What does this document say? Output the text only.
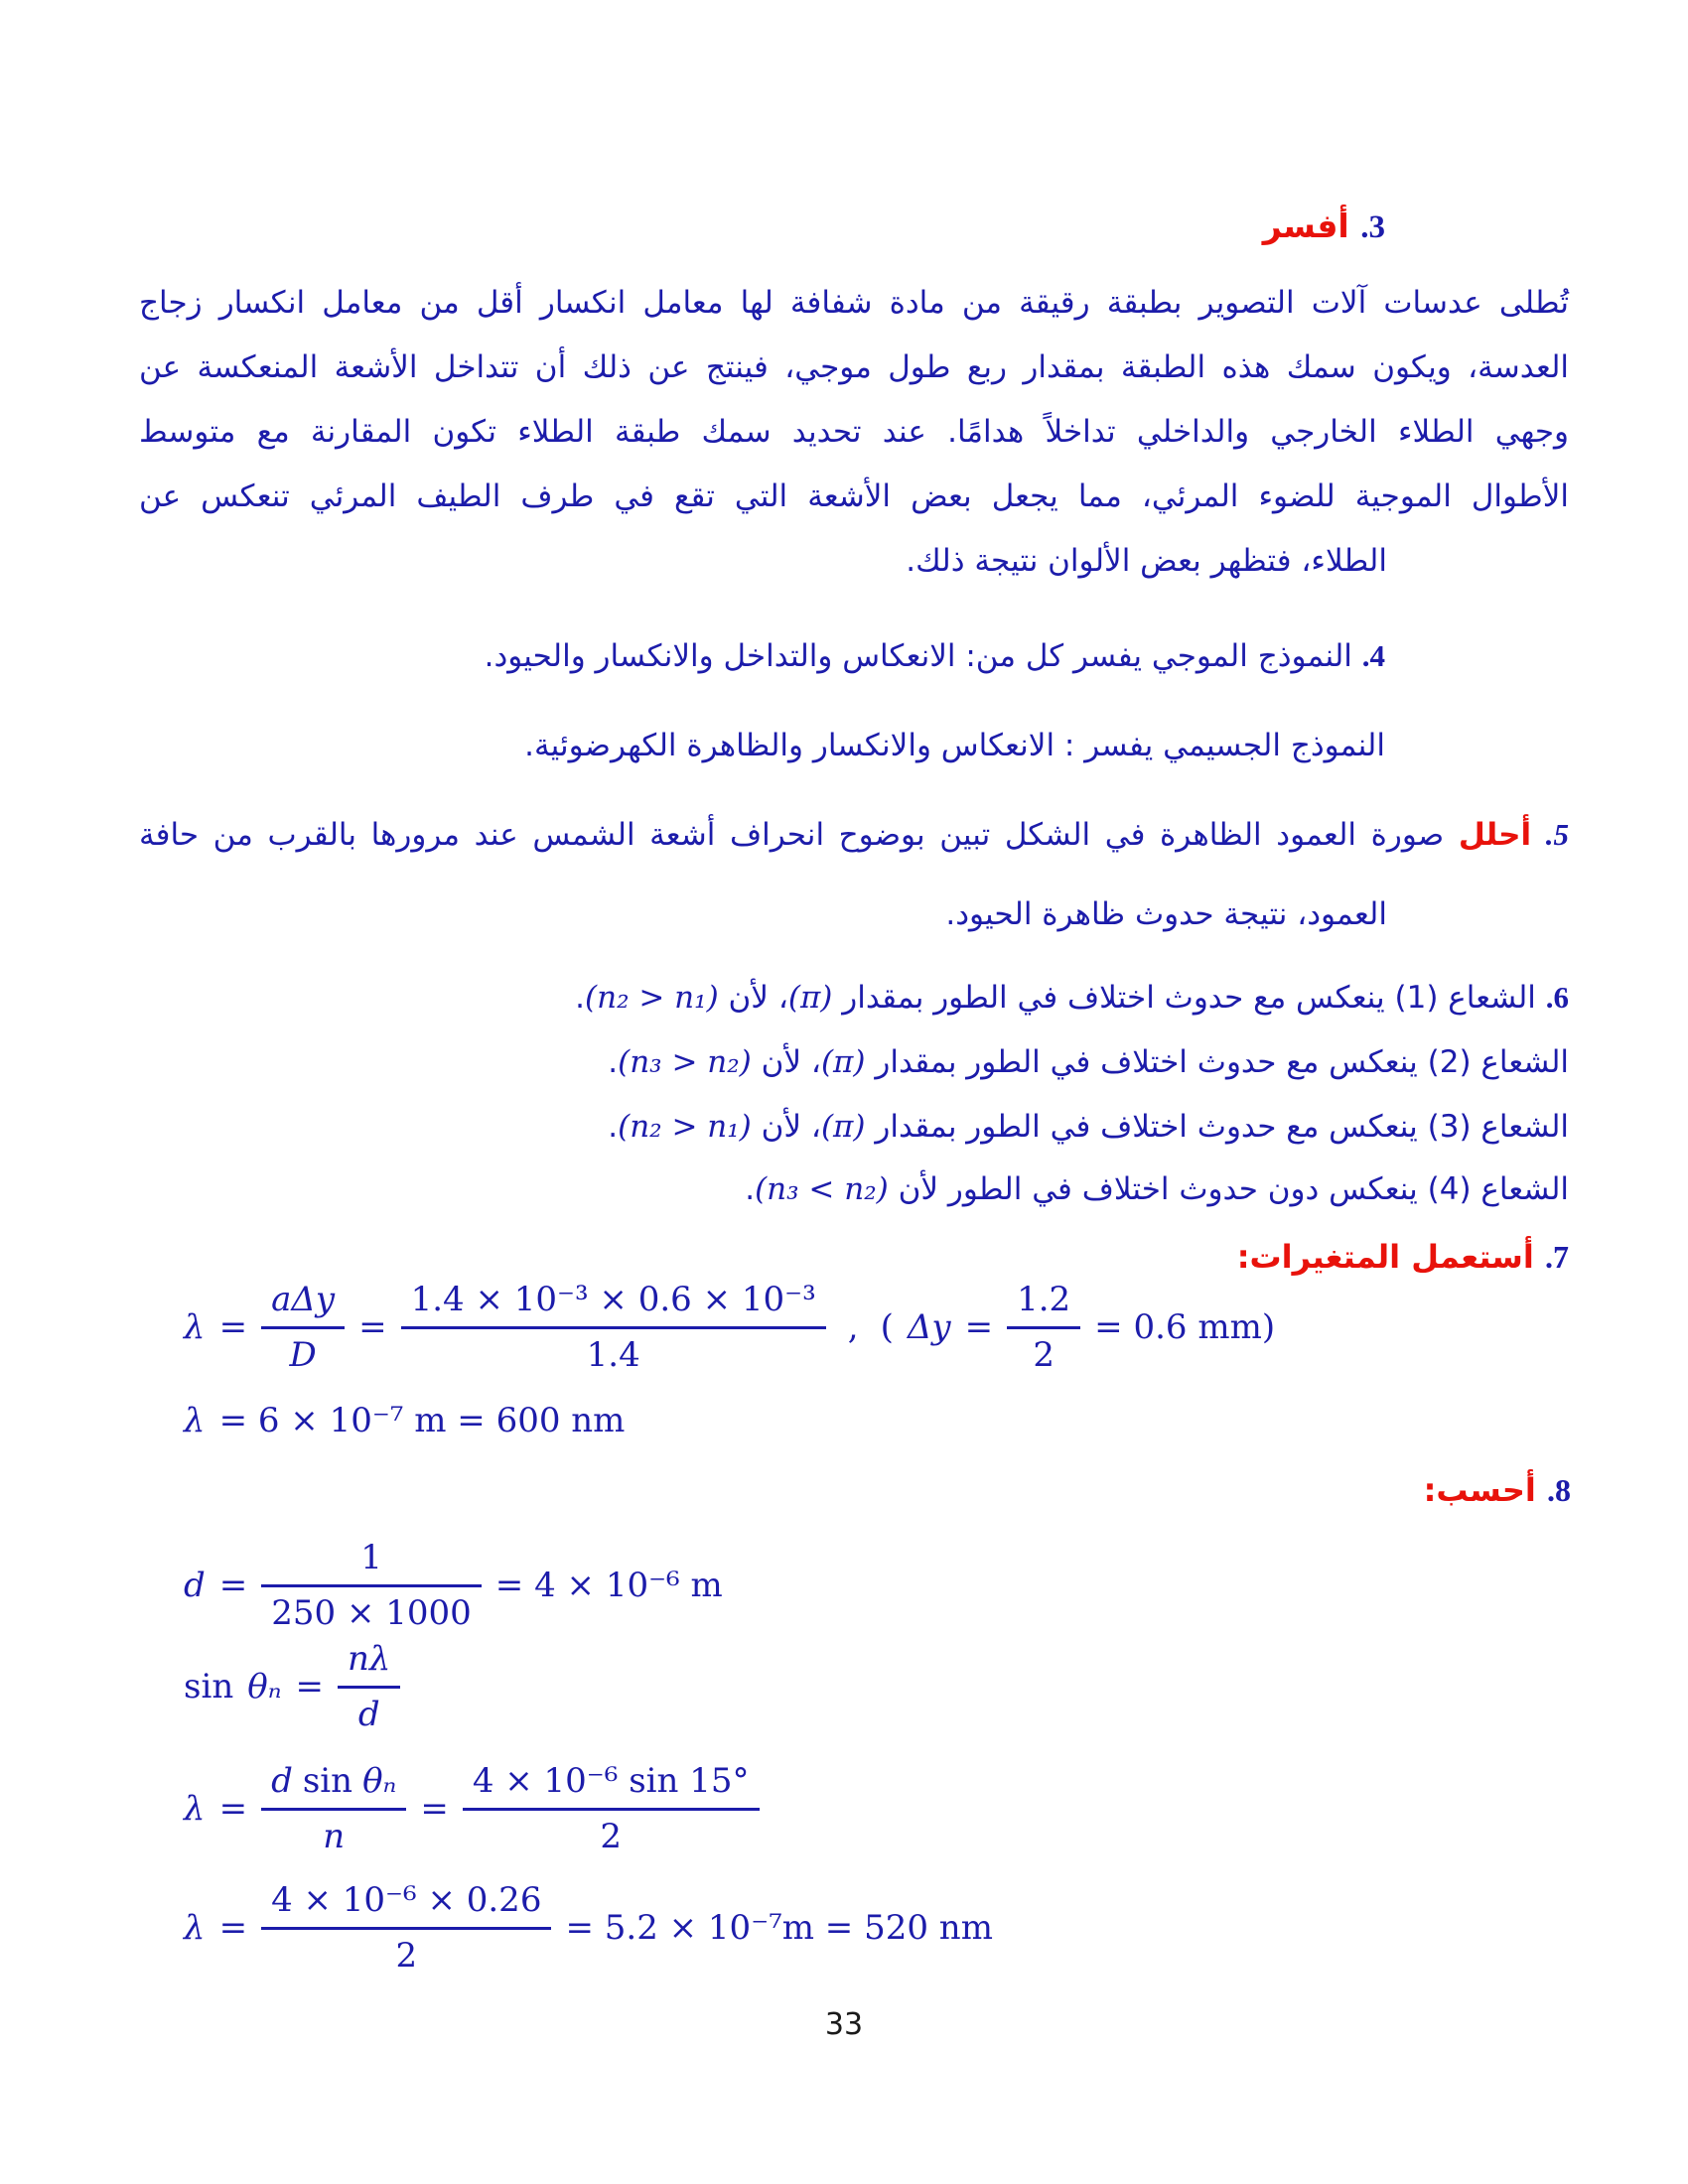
3. أفسر
تُطلى عدسات آلات التصوير بطبقة رقيقة من مادة شفافة لها معامل انكسار أقل من معامل انكسار زجاج
العدسة، ويكون سمك هذه الطبقة بمقدار ربع طول موجي، فينتج عن ذلك أن تتداخل الأشعة المنعكسة عن
وجهي الطلاء الخارجي والداخلي تداخلاً هدامًا. عند تحديد سمك طبقة الطلاء تكون المقارنة مع متوسط
الأطوال الموجية للضوء المرئي، مما يجعل بعض الأشعة التي تقع في طرف الطيف المرئي تنعكس عن
الطلاء، فتظهر بعض الألوان نتيجة ذلك.
4. النموذج الموجي يفسر كل من: الانعكاس والتداخل والانكسار والحيود.
النموذج الجسيمي يفسر : الانعكاس والانكسار والظاهرة الكهرضوئية.
5. أحلل صورة العمود الظاهرة في الشكل تبين بوضوح انحراف أشعة الشمس عند مرورها بالقرب من حافة
العمود، نتيجة حدوث ظاهرة الحيود.
6. الشعاع (1) ينعكس مع حدوث اختلاف في الطور بمقدار (π)، لأن (n₂ > n₁).
الشعاع (2) ينعكس مع حدوث اختلاف في الطور بمقدار (π)، لأن (n₃ > n₂).
الشعاع (3) ينعكس مع حدوث اختلاف في الطور بمقدار (π)، لأن (n₂ > n₁).
الشعاع (4) ينعكس دون حدوث اختلاف في الطور لأن (n₃ < n₂).
7. أستعمل المتغيرات:
$\lambda = \frac{\text{aΔy}}{D} = \frac{\text{1.4 × 10⁻³ × 0.6 × 10⁻³}}{1.4}$ , ( $\Delta y = \frac{1.2}{2} = 0.6$ mm)
λ = 6 × 10⁻⁷ m = 600 nm
8. أحسب:
$d = \frac{1}{250 \times 1000} = 4 \times 10^{-6}$ m
$\sin \theta_n = \frac{n\lambda}{d}$
$\lambda = \frac{\text{d sin θₙ}}{n} = \frac{\text{4 × 10⁻⁶ sin 15°}}{2}$
$\lambda = \frac{\text{4 × 10⁻⁶ × 0.26}}{2} = 5.2 \times 10^{-7}m = 520$ nm
33
